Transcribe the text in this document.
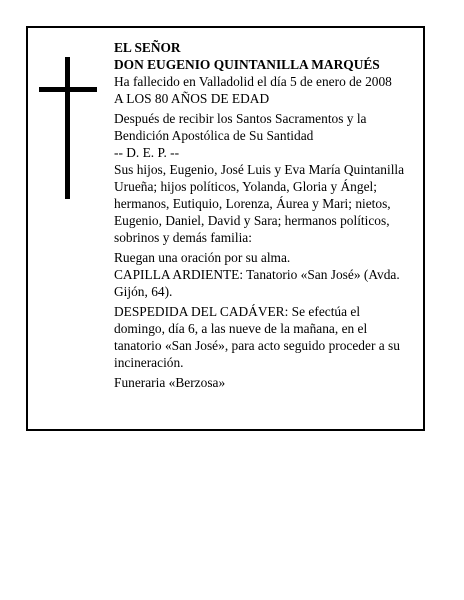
EL SEÑOR
DON EUGENIO QUINTANILLA MARQUÉS
Ha fallecido en Valladolid el día 5 de enero de 2008
A LOS 80 AÑOS DE EDAD
Después de recibir los Santos Sacramentos y la
Bendición Apostólica de Su Santidad
-- D. E. P. --
Sus hijos, Eugenio, José Luis y Eva María Quintanilla
Urueña; hijos políticos, Yolanda, Gloria y Ángel;
hermanos, Eutiquio, Lorenza, Áurea y Mari; nietos,
Eugenio, Daniel, David y Sara; hermanos políticos,
sobrinos y demás familia:
Ruegan una oración por su alma.
CAPILLA ARDIENTE: Tanatorio «San José» (Avda.
Gijón, 64).
DESPEDIDA DEL CADÁVER: Se efectúa el
domingo, día 6, a las nueve de la mañana, en el
tanatorio «San José», para acto seguido proceder a su
incineración.
Funeraria «Berzosa»
